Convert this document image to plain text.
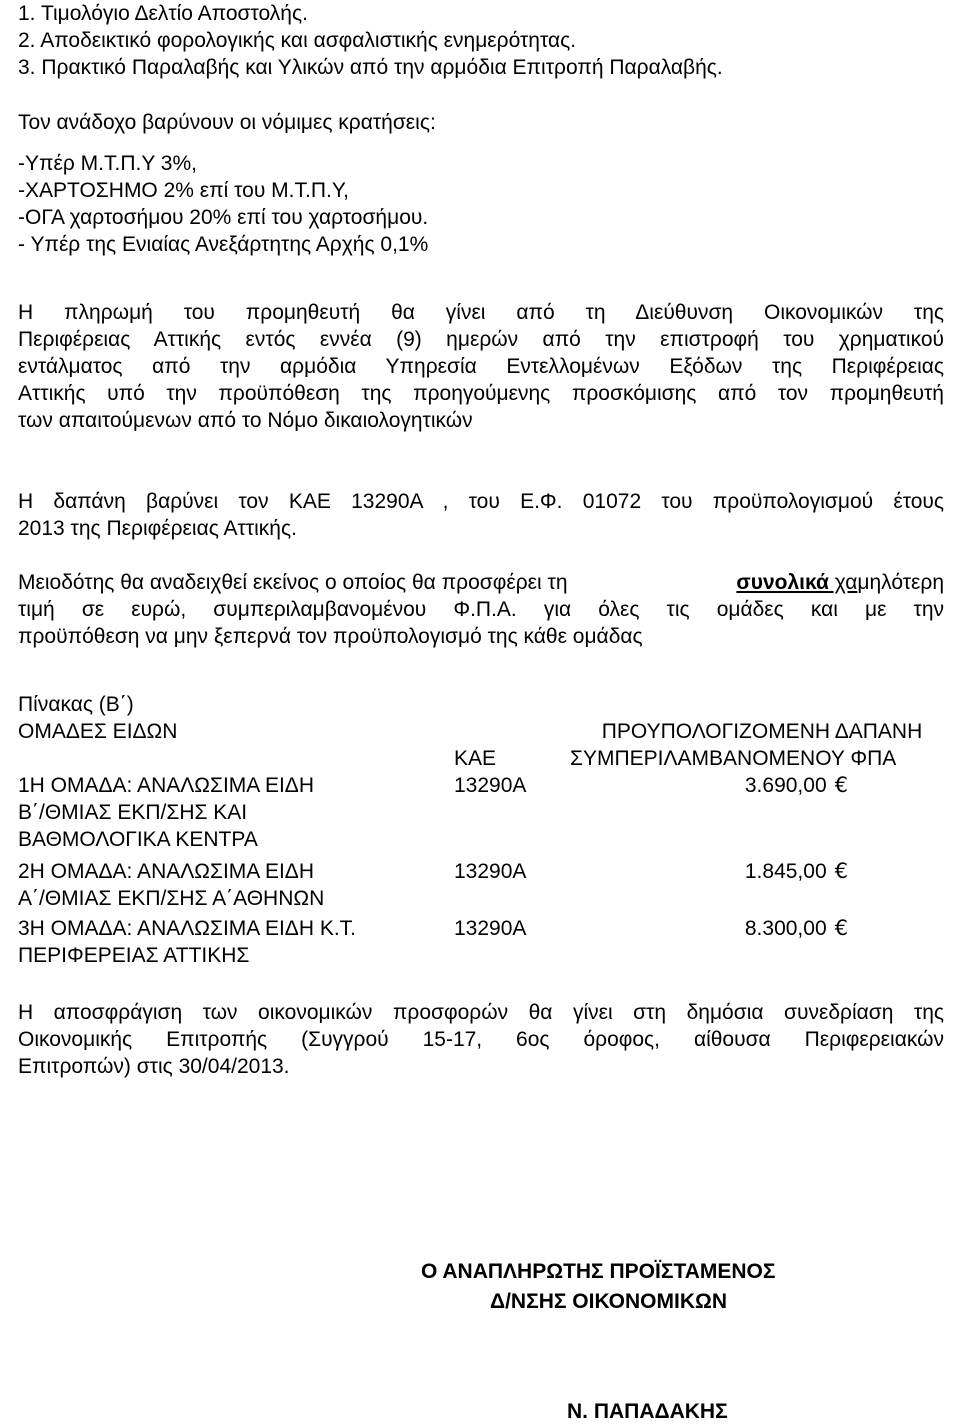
1. Τιμολόγιο Δελτίο Αποστολής.
2. Αποδεικτικό φορολογικής και ασφαλιστικής ενημερότητας.
3. Πρακτικό Παραλαβής και Υλικών από την αρμόδια Επιτροπή Παραλαβής.
Τον ανάδοχο βαρύνουν οι νόμιμες κρατήσεις:
-Υπέρ Μ.Τ.Π.Υ 3%,
-ΧΑΡΤΟΣΗΜΟ 2% επί του Μ.Τ.Π.Υ,
-ΟΓΑ χαρτοσήμου 20% επί του χαρτοσήμου.
- Υπέρ της Ενιαίας Ανεξάρτητης Αρχής 0,1%
Η πληρωμή του προμηθευτή θα γίνει από τη Διεύθυνση Οικονομικών της
Περιφέρειας Αττικής εντός εννέα (9) ημερών από την επιστροφή του χρηματικού
εντάλματος από την αρμόδια Υπηρεσία Εντελλομένων Εξόδων της Περιφέρειας
Αττικής υπό την προϋπόθεση της προηγούμενης προσκόμισης από τον προμηθευτή
των απαιτούμενων από το Νόμο δικαιολογητικών
Η δαπάνη βαρύνει τον ΚΑΕ 13290Α , του Ε.Φ. 01072 του προϋπολογισμού έτους
2013 της Περιφέρειας Αττικής.
Μειοδότης θα αναδειχθεί εκείνος ο οποίος θα προσφέρει τη	συνολικά χαμηλότερη
τιμή σε ευρώ, συμπεριλαμβανομένου Φ.Π.Α. για όλες τις ομάδες και με την
προϋπόθεση να μην ξεπερνά τον προϋπολογισμό της κάθε ομάδας
Πίνακας (Β΄)
ΟΜΑΔΕΣ ΕΙΔΩΝ	ΚΑΕ	ΠΡΟΥΠΟΛΟΓΙΖΟΜΕΝΗ ΔΑΠΑΝΗ
ΣΥΜΠΕΡΙΛΑΜΒΑΝΟΜΕΝΟΥ ΦΠΑ

1Η ΟΜΑΔΑ: ΑΝΑΛΩΣΙΜΑ ΕΙΔΗ
Β΄/ΘΜΙΑΣ ΕΚΠ/ΣΗΣ ΚΑΙ
ΒΑΘΜΟΛΟΓΙΚΑ ΚΕΝΤΡΑ	13290Α	3.690,00 €

2Η ΟΜΑΔΑ: ΑΝΑΛΩΣΙΜΑ ΕΙΔΗ
Α΄/ΘΜΙΑΣ ΕΚΠ/ΣΗΣ Α΄ΑΘΗΝΩΝ	13290Α	1.845,00 €

3Η ΟΜΑΔΑ: ΑΝΑΛΩΣΙΜΑ ΕΙΔΗ Κ.Τ.
ΠΕΡΙΦΕΡΕΙΑΣ ΑΤΤΙΚΗΣ	13290Α	8.300,00 €
Η αποσφράγιση των οικονομικών προσφορών θα γίνει στη δημόσια συνεδρίαση της
Οικονομικής Επιτροπής (Συγγρού 15-17, 6ος όροφος, αίθουσα Περιφερειακών
Επιτροπών) στις 30/04/2013.
Ο ΑΝΑΠΛΗΡΩΤΗΣ ΠΡΟΪΣΤΑΜΕΝΟΣ
Δ/ΝΣΗΣ ΟΙΚΟΝΟΜΙΚΩΝ
Ν. ΠΑΠΑΔΑΚΗΣ
